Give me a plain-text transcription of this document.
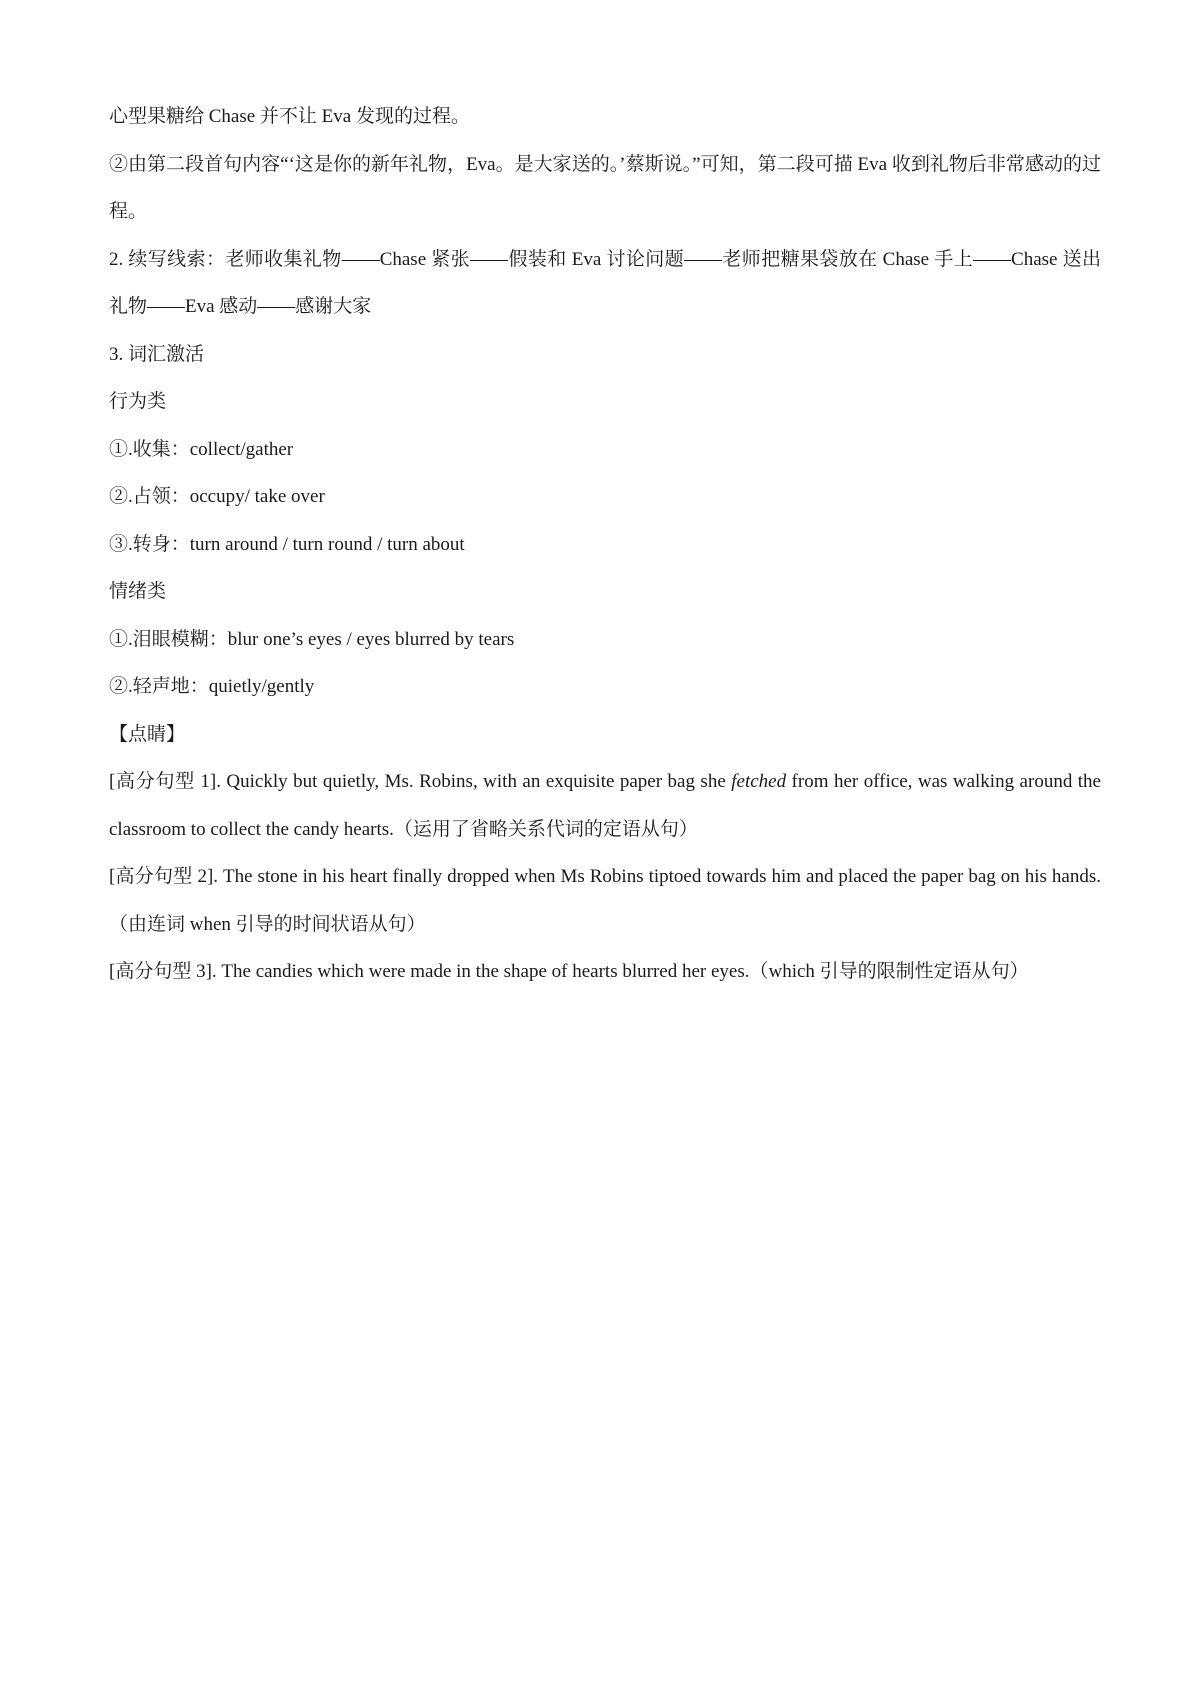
心型果糖给 Chase 并不让 Eva 发现的过程。

②由第二段首句内容“‘这是你的新年礼物，Eva。是大家送的。’蔡斯说。”可知，第二段可描 Eva 收到礼物后非常感动的过程。

2. 续写线索：老师收集礼物——Chase 紧张——假装和 Eva 讨论问题——老师把糖果袋放在 Chase 手上——Chase 送出礼物——Eva 感动——感谢大家

3. 词汇激活

行为类

①.收集：collect/gather

②.占领：occupy/ take over

③.转身：turn around / turn round / turn about

情绪类

①.泪眼模糊：blur one’s eyes / eyes blurred by tears

②.轻声地：quietly/gently

【点睛】

[高分句型 1]. Quickly but quietly, Ms. Robins, with an exquisite paper bag she fetched from her office, was walking around the classroom to collect the candy hearts.（运用了省略关系代词的定语从句）

[高分句型 2]. The stone in his heart finally dropped when Ms Robins tiptoed towards him and placed the paper bag on his hands.（由连词 when 引导的时间状语从句）

[高分句型 3]. The candies which were made in the shape of hearts blurred her eyes.（which 引导的限制性定语从句）
